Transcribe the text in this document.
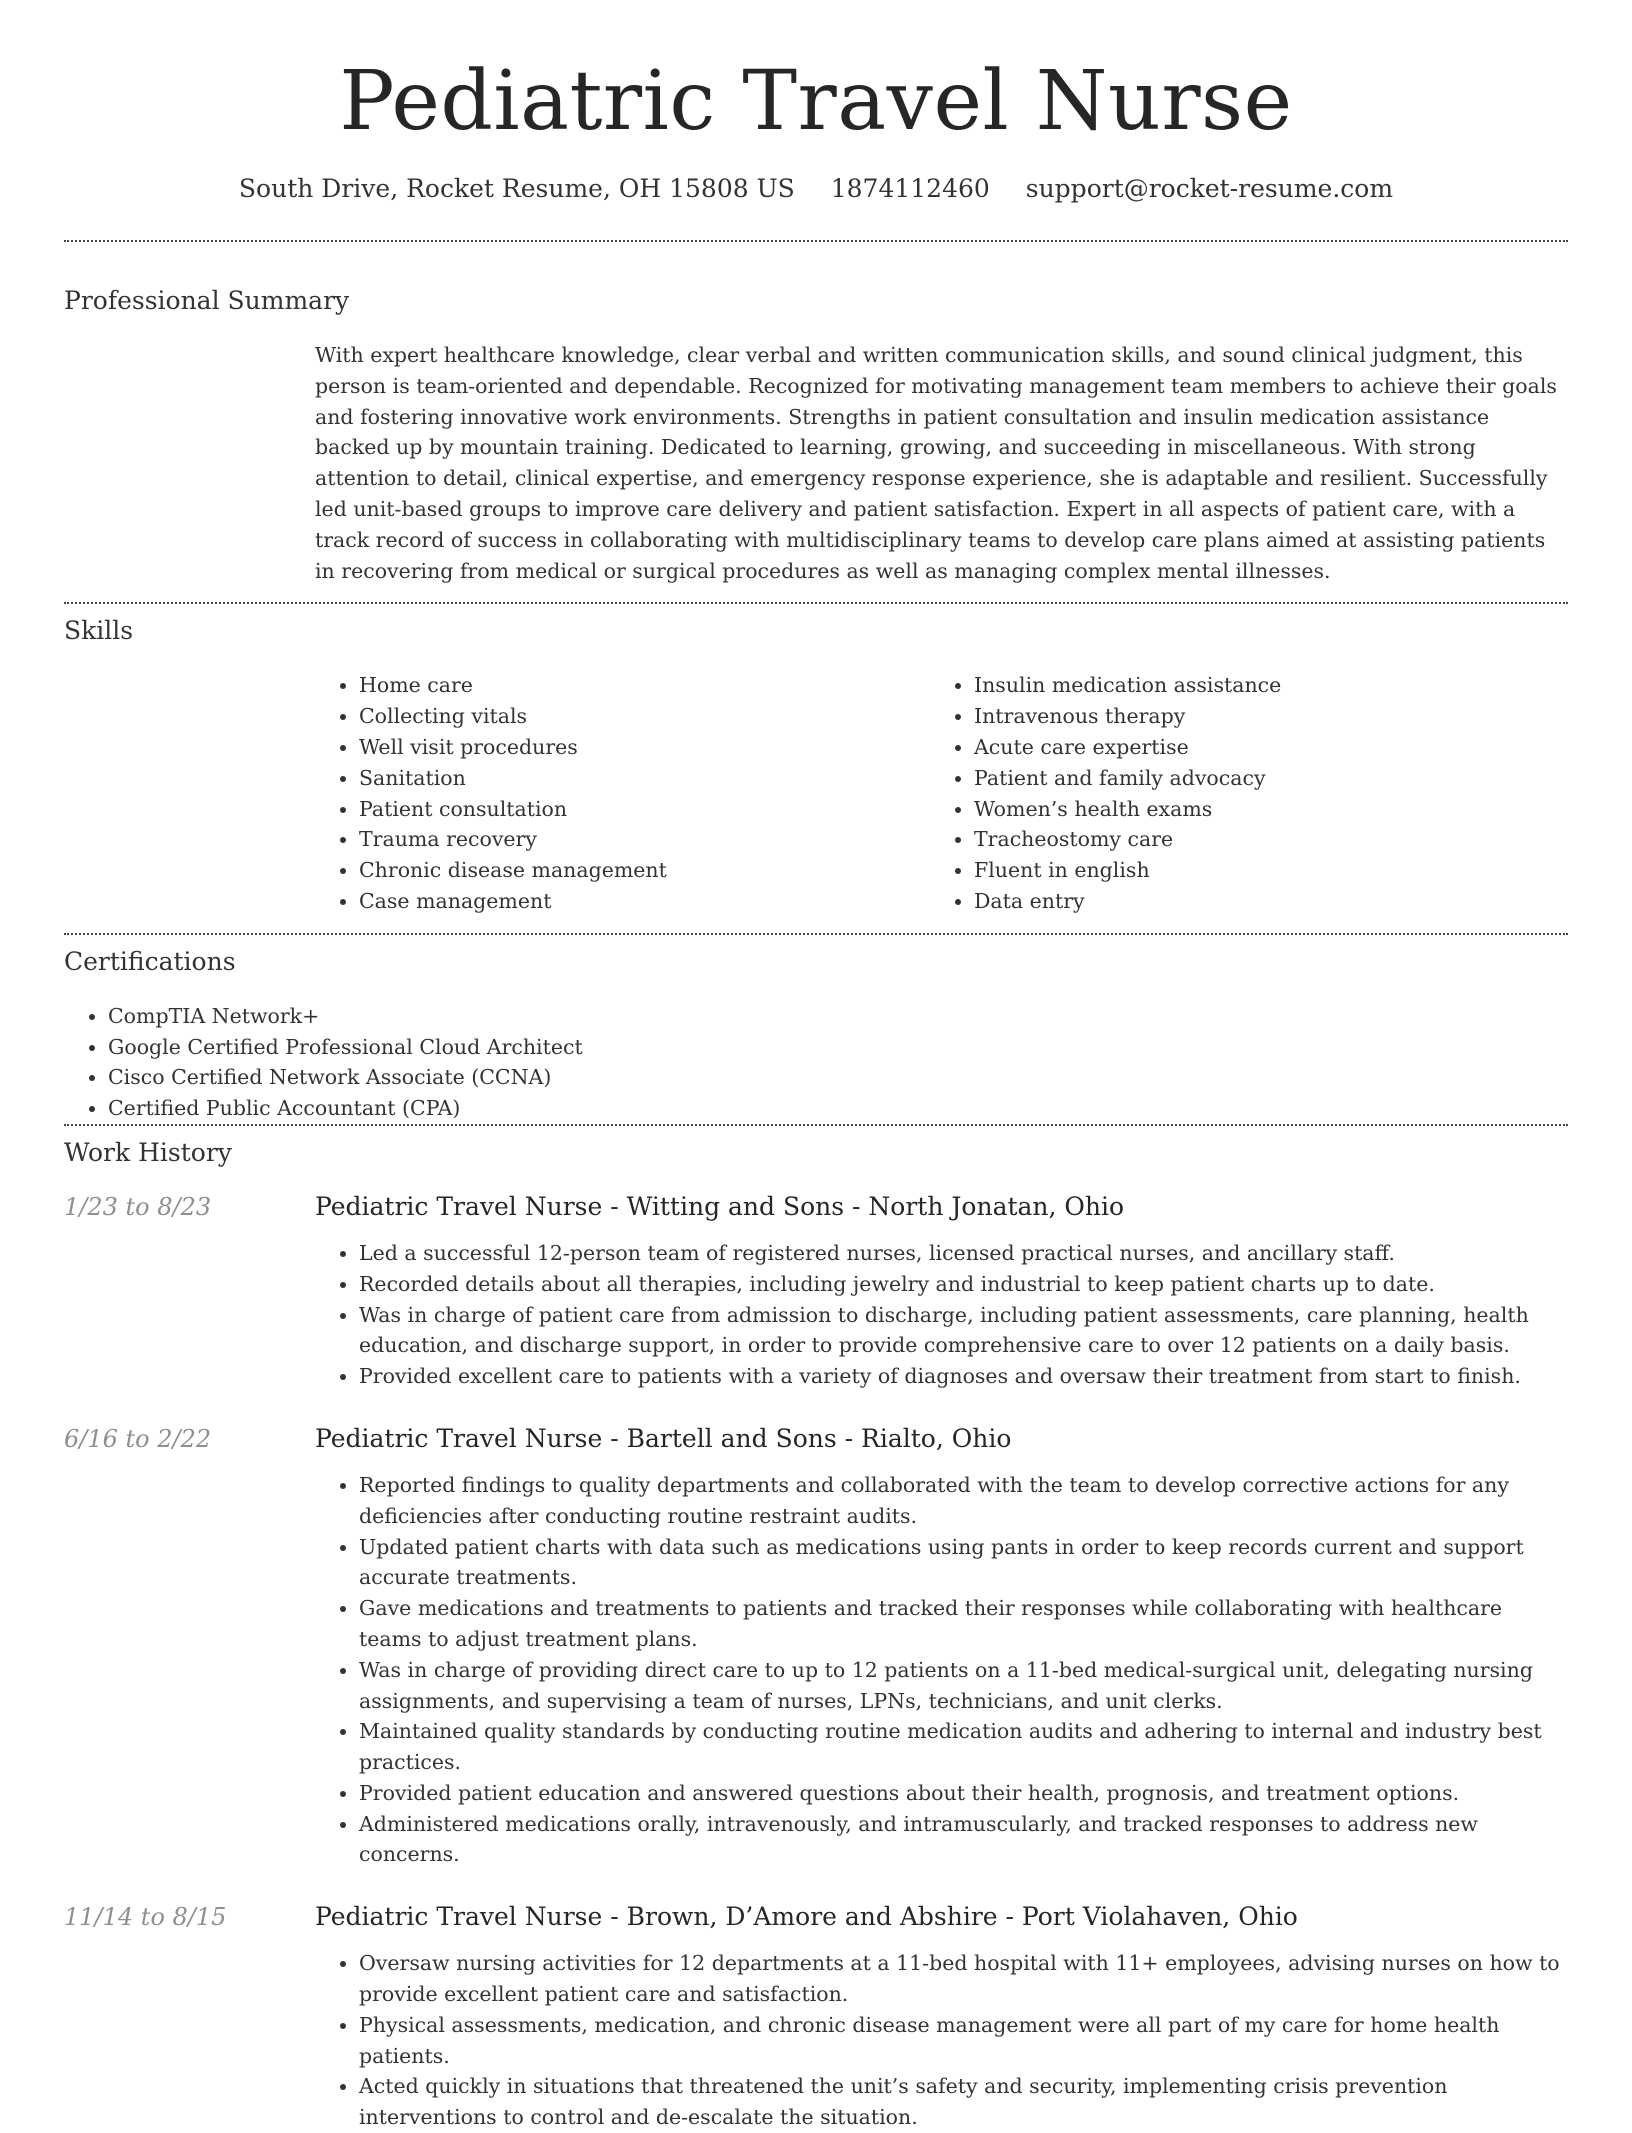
Pediatric Travel Nurse
South Drive, Rocket Resume, OH 15808 US 1874112460 support@rocket-resume.com
Professional Summary
With expert healthcare knowledge, clear verbal and written communication skills, and sound clinical judgment, this person is team-oriented and dependable. Recognized for motivating management team members to achieve their goals and fostering innovative work environments. Strengths in patient consultation and insulin medication assistance backed up by mountain training. Dedicated to learning, growing, and succeeding in miscellaneous. With strong attention to detail, clinical expertise, and emergency response experience, she is adaptable and resilient. Successfully led unit-based groups to improve care delivery and patient satisfaction. Expert in all aspects of patient care, with a track record of success in collaborating with multidisciplinary teams to develop care plans aimed at assisting patients in recovering from medical or surgical procedures as well as managing complex mental illnesses.
Skills
• Home care
• Collecting vitals
• Well visit procedures
• Sanitation
• Patient consultation
• Trauma recovery
• Chronic disease management
• Case management
• Insulin medication assistance
• Intravenous therapy
• Acute care expertise
• Patient and family advocacy
• Women’s health exams
• Tracheostomy care
• Fluent in english
• Data entry
Certifications
• CompTIA Network+
• Google Certified Professional Cloud Architect
• Cisco Certified Network Associate (CCNA)
• Certified Public Accountant (CPA)
Work History
1/23 to 8/23	Pediatric Travel Nurse - Witting and Sons - North Jonatan, Ohio
• Led a successful 12-person team of registered nurses, licensed practical nurses, and ancillary staff.
• Recorded details about all therapies, including jewelry and industrial to keep patient charts up to date.
• Was in charge of patient care from admission to discharge, including patient assessments, care planning, health education, and discharge support, in order to provide comprehensive care to over 12 patients on a daily basis.
• Provided excellent care to patients with a variety of diagnoses and oversaw their treatment from start to finish.
6/16 to 2/22	Pediatric Travel Nurse - Bartell and Sons - Rialto, Ohio
• Reported findings to quality departments and collaborated with the team to develop corrective actions for any deficiencies after conducting routine restraint audits.
• Updated patient charts with data such as medications using pants in order to keep records current and support accurate treatments.
• Gave medications and treatments to patients and tracked their responses while collaborating with healthcare teams to adjust treatment plans.
• Was in charge of providing direct care to up to 12 patients on a 11-bed medical-surgical unit, delegating nursing assignments, and supervising a team of nurses, LPNs, technicians, and unit clerks.
• Maintained quality standards by conducting routine medication audits and adhering to internal and industry best practices.
• Provided patient education and answered questions about their health, prognosis, and treatment options.
• Administered medications orally, intravenously, and intramuscularly, and tracked responses to address new concerns.
11/14 to 8/15	Pediatric Travel Nurse - Brown, D’Amore and Abshire - Port Violahaven, Ohio
• Oversaw nursing activities for 12 departments at a 11-bed hospital with 11+ employees, advising nurses on how to provide excellent patient care and satisfaction.
• Physical assessments, medication, and chronic disease management were all part of my care for home health patients.
• Acted quickly in situations that threatened the unit’s safety and security, implementing crisis prevention interventions to control and de-escalate the situation.
